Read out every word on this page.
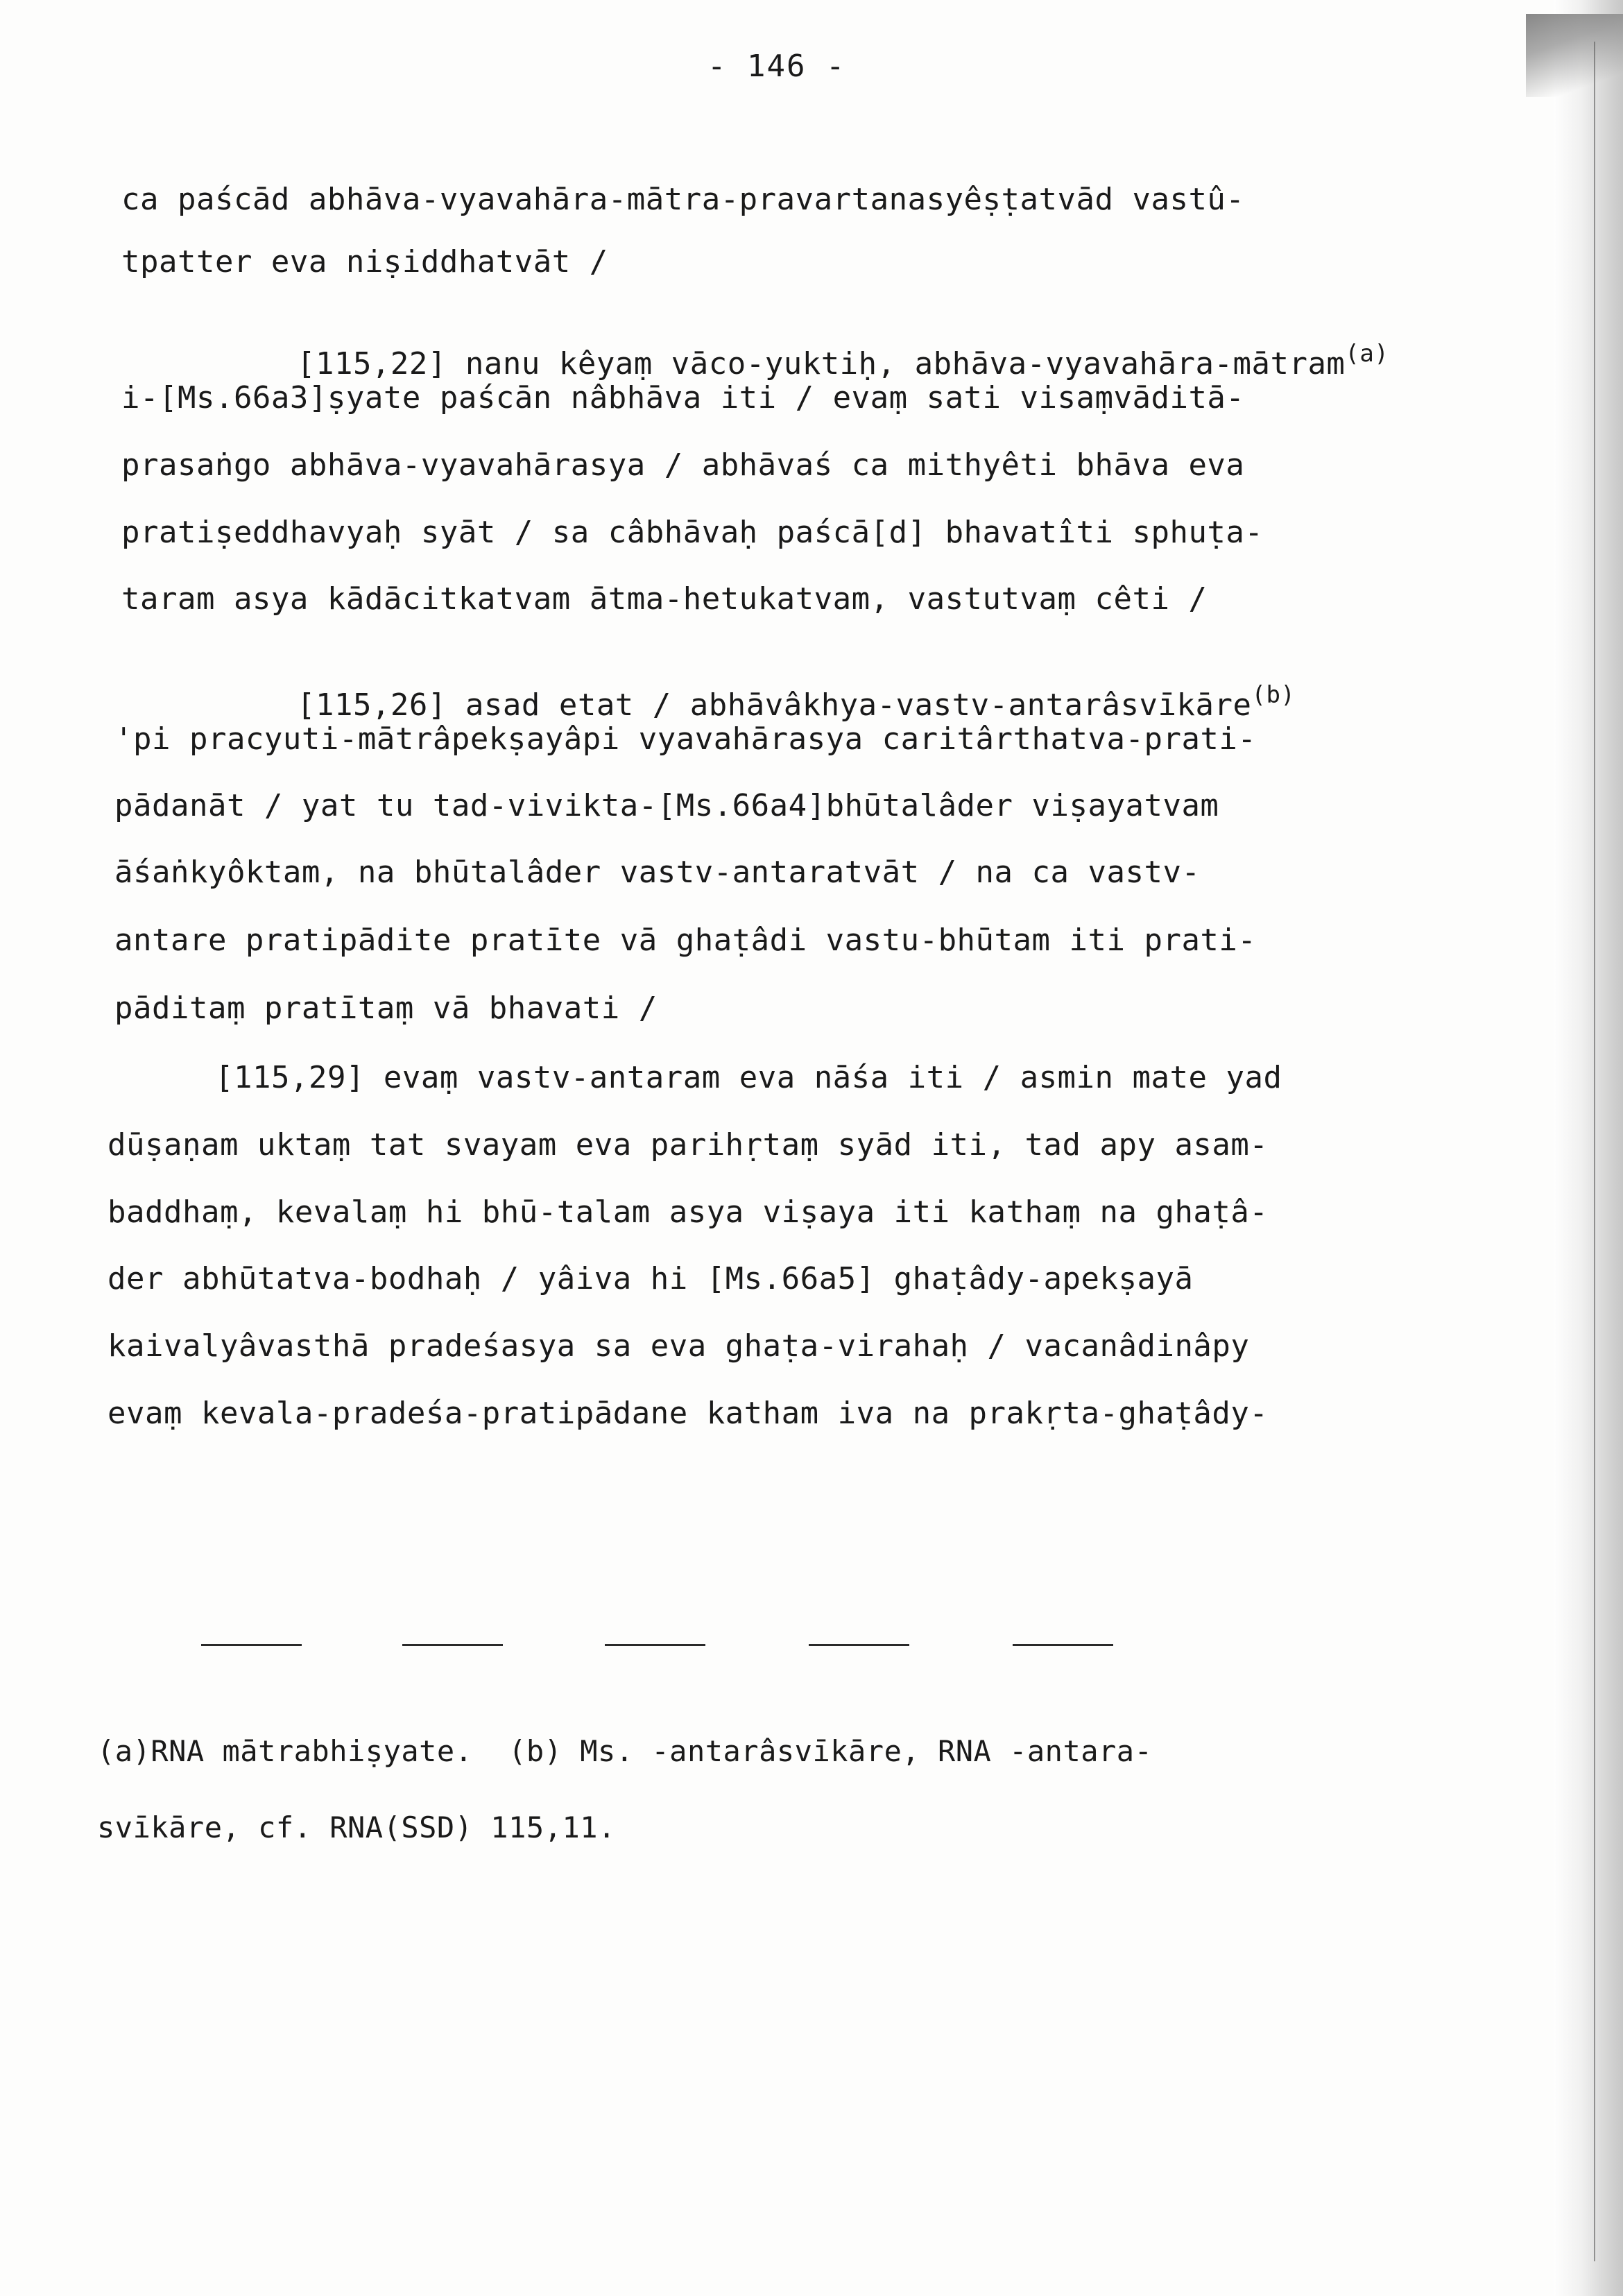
- 146 -
ca paścād abhāva-vyavahāra-mātra-pravartanasyêṣṭatvād vastû-
tpatter eva niṣiddhatvāt /

[115,22] nanu kêyaṃ vāco-yuktiḥ, abhāva-vyavahāra-mātram$^{(a)}$

i-[Ms.66a3]ṣyate paścān nâbhāva iti / evaṃ sati visaṃvāditā-
prasaṅgo abhāva-vyavahārasya / abhāvaś ca mithyêti bhāva eva
pratiṣeddhavyaḥ syāt / sa câbhāvaḥ paścā[d] bhavatîti sphuṭa-
taram asya kādācitkatvam ātma-hetukatvam, vastutvaṃ cêti /

[115,26] asad etat / abhāvâkhya-vastv-antarâsvīkāre$^{(b)}$

'pi pracyuti-mātrâpekṣayâpi vyavahārasya caritârthatva-prati-
pādanāt / yat tu tad-vivikta-[Ms.66a4]bhūtalâder viṣayatvam
āśaṅkyôktam, na bhūtalâder vastv-antaratvāt / na ca vastv-
antare pratipādite pratīte vā ghaṭâdi vastu-bhūtam iti prati-
pāditaṃ pratītaṃ vā bhavati /
[115,29] evaṃ vastv-antaram eva nāśa iti / asmin mate yad
dūṣaṇam uktaṃ tat svayam eva parihṛtaṃ syād iti, tad apy asam-
baddhaṃ, kevalaṃ hi bhū-talam asya viṣaya iti kathaṃ na ghaṭâ-
der abhūtatva-bodhaḥ / yâiva hi [Ms.66a5] ghaṭâdy-apekṣayā
kaivalyâvasthā pradeśasya sa eva ghaṭa-virahaḥ / vacanâdinâpy
evaṃ kevala-pradeśa-pratipādane katham iva na prakṛta-ghaṭâdy-
(a)RNA mātrabhiṣyate.  (b) Ms. -antarâsvīkāre, RNA -antara-
svīkāre, cf. RNA(SSD) 115,11.
